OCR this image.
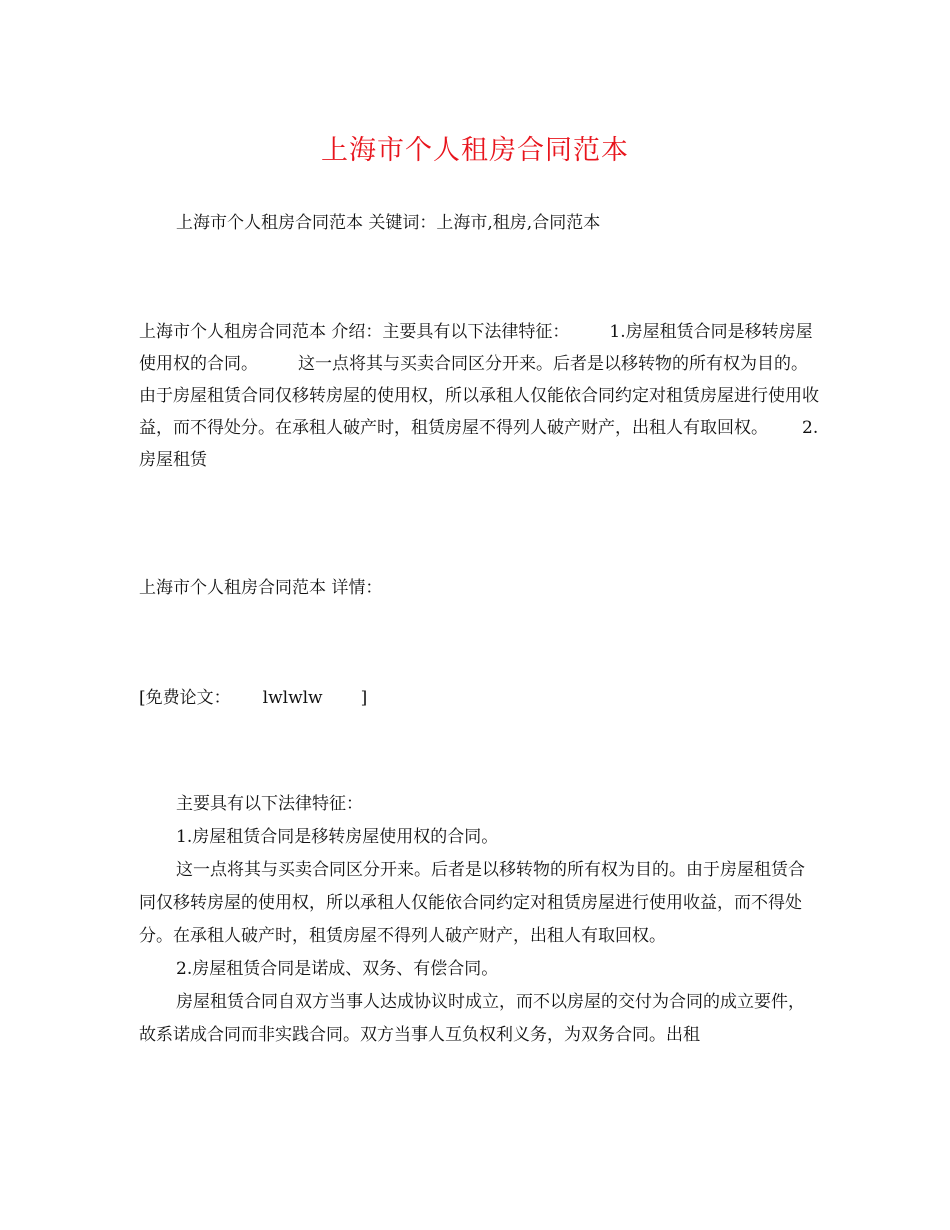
上海市个人租房合同范本
上海市个人租房合同范本 关键词：上海市,租房,合同范本
上海市个人租房合同范本 介绍：主要具有以下法律特征： 1.房屋租赁合同是移转房屋使用权的合同。 这一点将其与买卖合同区分开来。后者是以移转物的所有权为目的。由于房屋租赁合同仅移转房屋的使用权，所以承租人仅能依合同约定对租赁房屋进行使用收益，而不得处分。在承租人破产时，租赁房屋不得列人破产财产，出租人有取回权。 2.房屋租赁
上海市个人租房合同范本 详情：
[免费论文： lwlwlw ]

主要具有以下法律特征：

1.房屋租赁合同是移转房屋使用权的合同。

这一点将其与买卖合同区分开来。后者是以移转物的所有权为目的。由于房屋租赁合同仅移转房屋的使用权，所以承租人仅能依合同约定对租赁房屋进行使用收益，而不得处分。在承租人破产时，租赁房屋不得列人破产财产，出租人有取回权。

2.房屋租赁合同是诺成、双务、有偿合同。

房屋租赁合同自双方当事人达成协议时成立，而不以房屋的交付为合同的成立要件，故系诺成合同而非实践合同。双方当事人互负权利义务，为双务合同。出租
